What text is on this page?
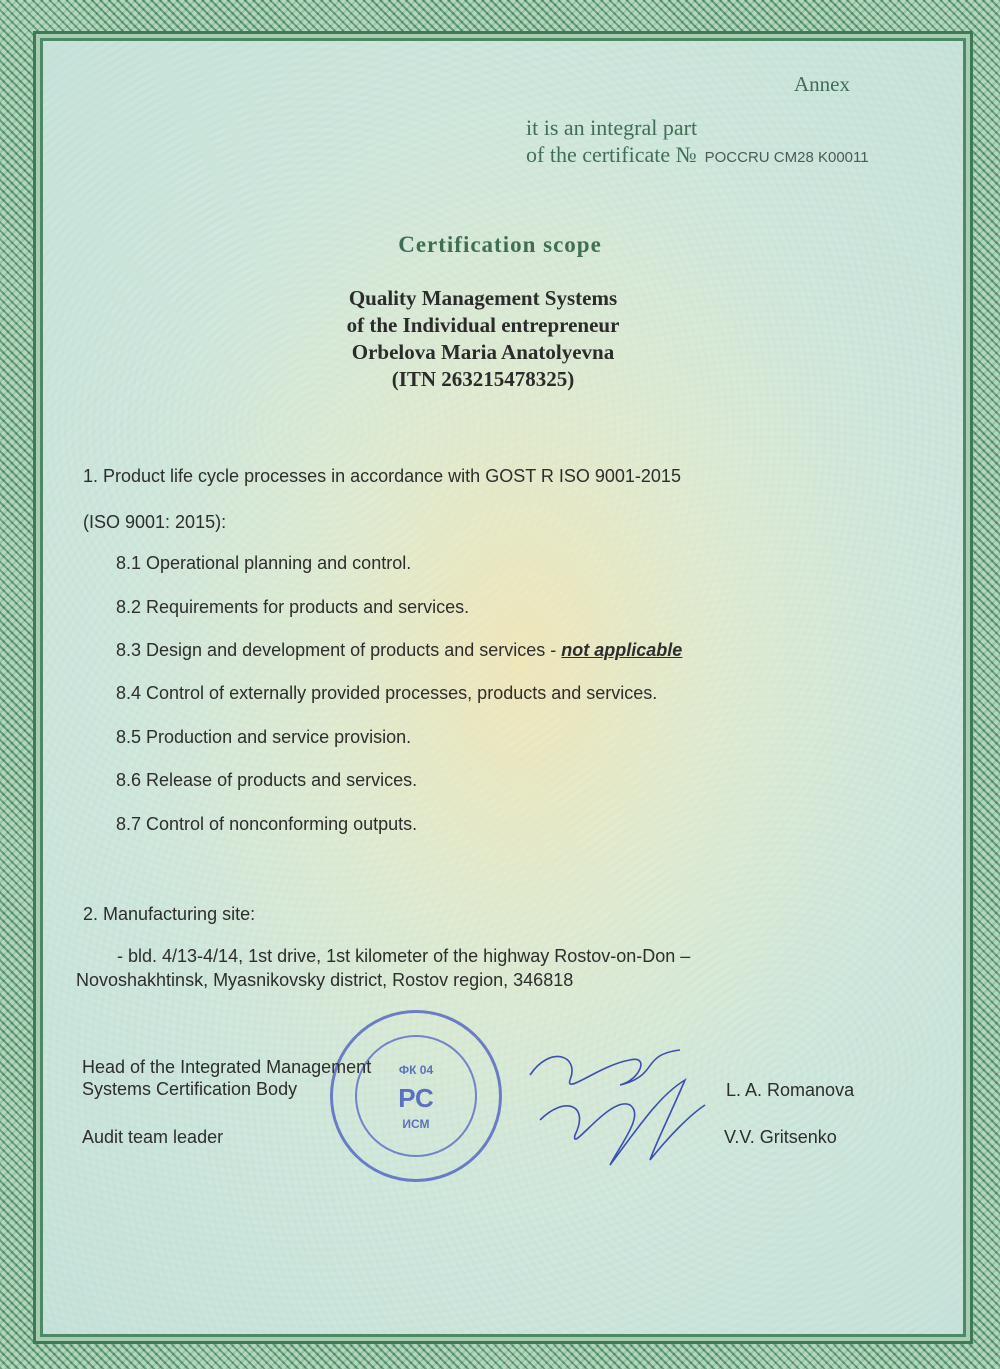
Annex
it is an integral part
of the certificate № POCCRU CM28 K00011
Certification scope
Quality Management Systems
of the Individual entrepreneur
Orbelova Maria Anatolyevna
(ITN 263215478325)
1. Product life cycle processes in accordance with GOST R ISO 9001-2015
(ISO 9001: 2015):
8.1 Operational planning and control.
8.2 Requirements for products and services.
8.3 Design and development of products and services - not applicable
8.4 Control of externally provided processes, products and services.
8.5 Production and service provision.
8.6 Release of products and services.
8.7 Control of nonconforming outputs.
2. Manufacturing site:
- bld. 4/13-4/14, 1st drive, 1st kilometer of the highway Rostov-on-Don –
Novoshakhtinsk, Myasnikovsky district, Rostov region, 346818
ФК 04
РС
ИСМ
Head of the Integrated Management
Systems Certification Body	L. A. Romanova
Audit team leader	V.V. Gritsenko
